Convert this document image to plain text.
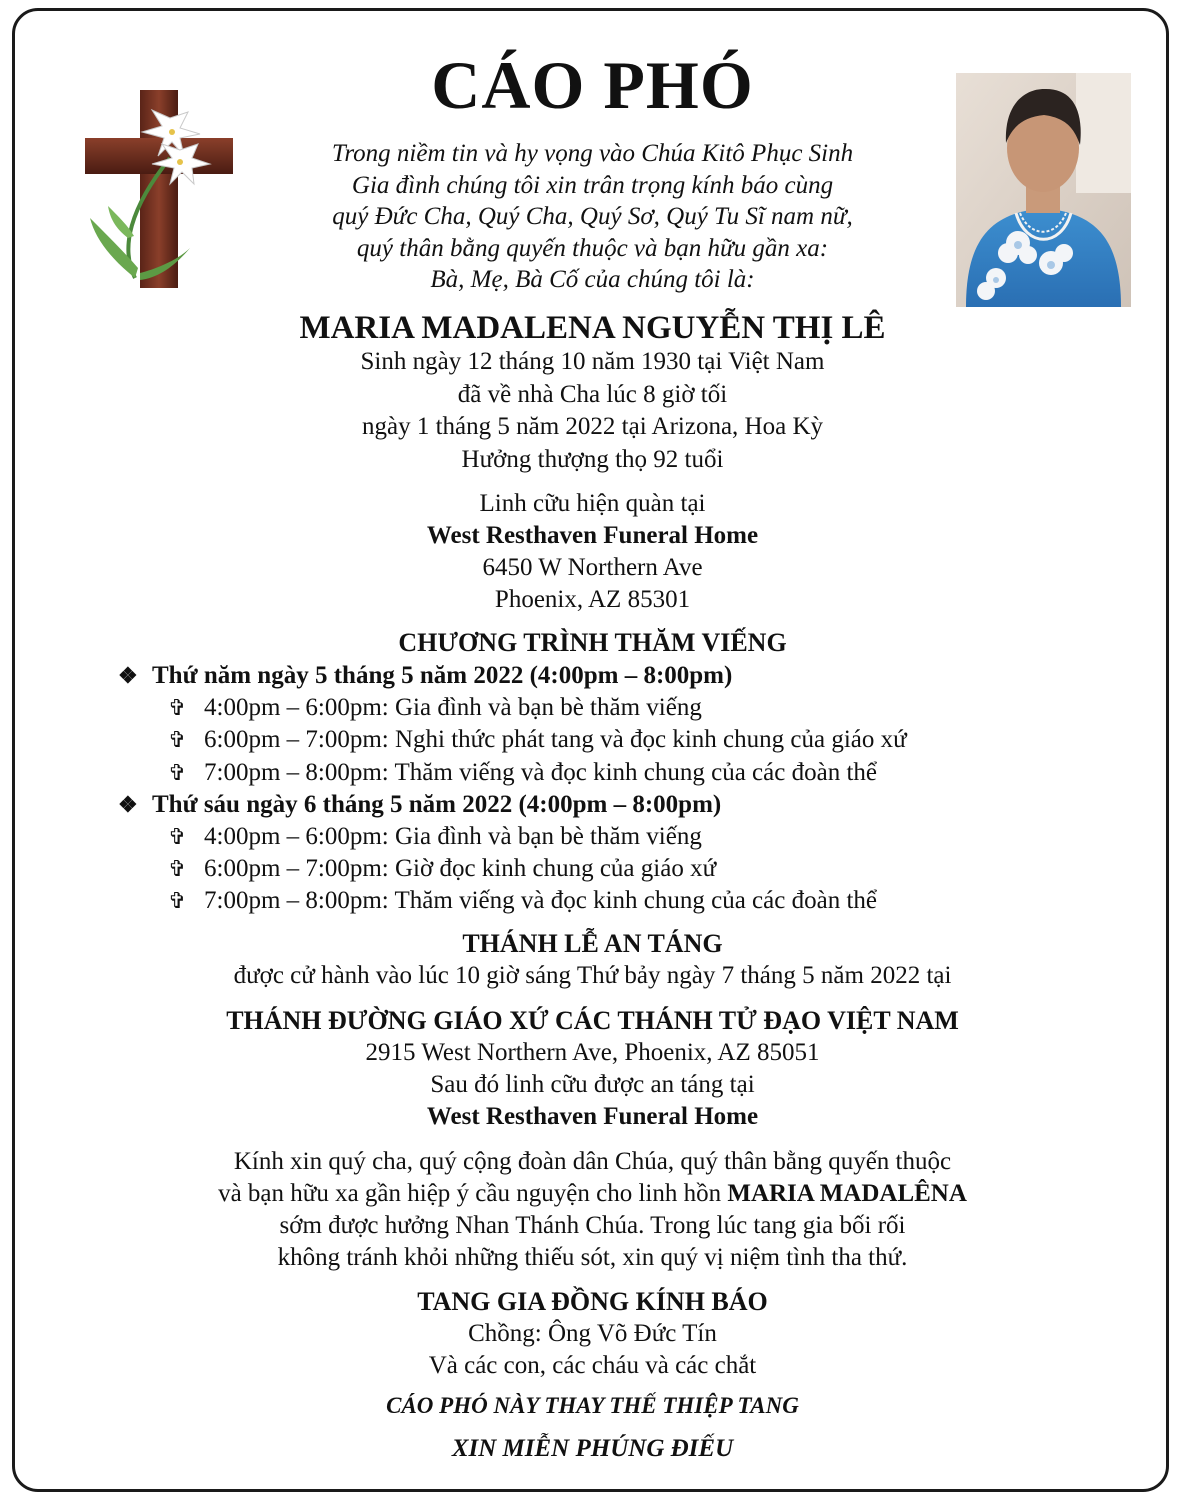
CÁO PHÓ
Trong niềm tin và hy vọng vào Chúa Kitô Phục Sinh
Gia đình chúng tôi xin trân trọng kính báo cùng
quý Đức Cha, Quý Cha, Quý Sơ, Quý Tu Sĩ nam nữ,
quý thân bằng quyến thuộc và bạn hữu gần xa:
Bà, Mẹ, Bà Cố của chúng tôi là:
MARIA MADALENA NGUYỄN THỊ LÊ
Sinh ngày 12 tháng 10 năm 1930 tại Việt Nam
đã về nhà Cha lúc 8 giờ tối
ngày 1 tháng 5 năm 2022 tại Arizona, Hoa Kỳ
Hưởng thượng thọ 92 tuổi
Linh cữu hiện quàn tại
West Resthaven Funeral Home
6450 W Northern Ave
Phoenix, AZ 85301
CHƯƠNG TRÌNH THĂM VIẾNG
❖ Thứ năm ngày 5 tháng 5 năm 2022 (4:00pm – 8:00pm)
✞ 4:00pm – 6:00pm: Gia đình và bạn bè thăm viếng
✞ 6:00pm – 7:00pm: Nghi thức phát tang và đọc kinh chung của giáo xứ
✞ 7:00pm – 8:00pm: Thăm viếng và đọc kinh chung của các đoàn thể
❖ Thứ sáu ngày 6 tháng 5 năm 2022 (4:00pm – 8:00pm)
✞ 4:00pm – 6:00pm: Gia đình và bạn bè thăm viếng
✞ 6:00pm – 7:00pm: Giờ đọc kinh chung của giáo xứ
✞ 7:00pm – 8:00pm: Thăm viếng và đọc kinh chung của các đoàn thể
THÁNH LỄ AN TÁNG
được cử hành vào lúc 10 giờ sáng Thứ bảy ngày 7 tháng 5 năm 2022 tại
THÁNH ĐƯỜNG GIÁO XỨ CÁC THÁNH TỬ ĐẠO VIỆT NAM
2915 West Northern Ave, Phoenix, AZ 85051
Sau đó linh cữu được an táng tại
West Resthaven Funeral Home
Kính xin quý cha, quý cộng đoàn dân Chúa, quý thân bằng quyến thuộc
và bạn hữu xa gần hiệp ý cầu nguyện cho linh hồn MARIA MADALÊNA
sớm được hưởng Nhan Thánh Chúa. Trong lúc tang gia bối rối
không tránh khỏi những thiếu sót, xin quý vị niệm tình tha thứ.
TANG GIA ĐỒNG KÍNH BÁO
Chồng: Ông Võ Đức Tín
Và các con, các cháu và các chắt
CÁO PHÓ NÀY THAY THẾ THIỆP TANG
XIN MIỄN PHÚNG ĐIẾU
